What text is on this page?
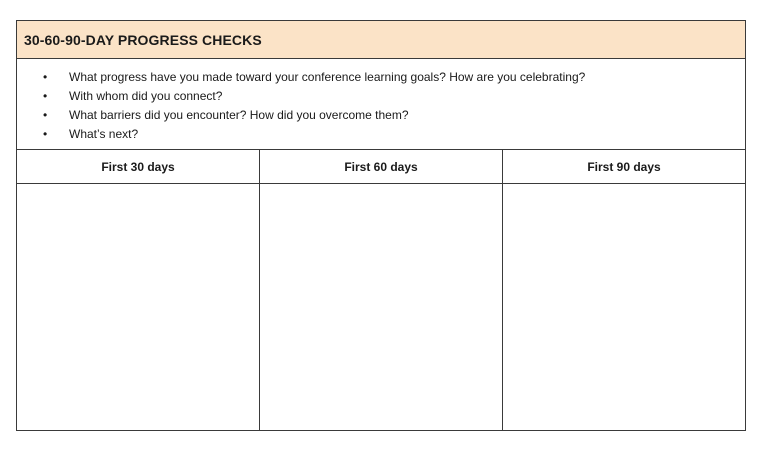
30-60-90-DAY PROGRESS CHECKS
• What progress have you made toward your conference learning goals? How are you celebrating?
• With whom did you connect?
• What barriers did you encounter? How did you overcome them?
• What’s next?
First 30 days	First 60 days	First 90 days
